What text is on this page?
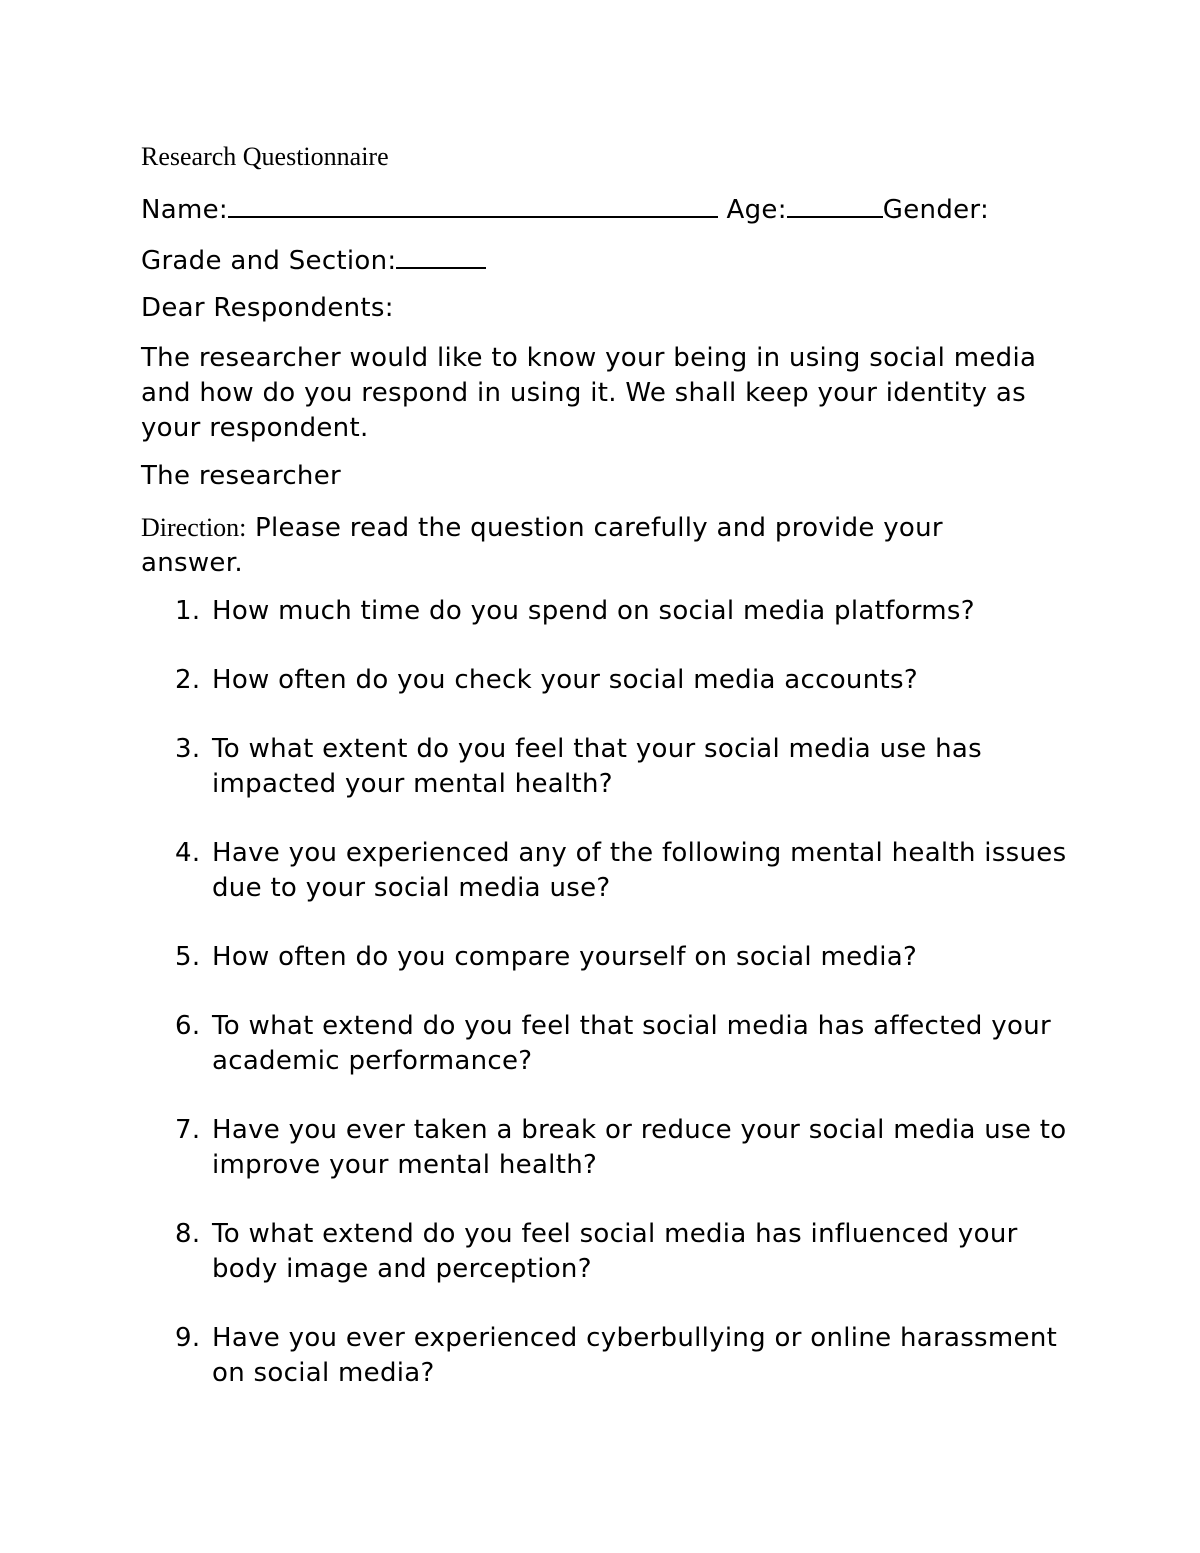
Research Questionnaire
Name:	Age:	Gender:
Grade and Section:
Dear Respondents:
The researcher would like to know your being in using social media and how do you respond in using it. We shall keep your identity as your respondent.
The researcher
Direction: Please read the question carefully and provide your answer.
1. How much time do you spend on social media platforms?
2. How often do you check your social media accounts?
3. To what extent do you feel that your social media use has impacted your mental health?
4. Have you experienced any of the following mental health issues due to your social media use?
5. How often do you compare yourself on social media?
6. To what extend do you feel that social media has affected your academic performance?
7. Have you ever taken a break or reduce your social media use to improve your mental health?
8. To what extend do you feel social media has influenced your body image and perception?
9. Have you ever experienced cyberbullying or online harassment on social media?
